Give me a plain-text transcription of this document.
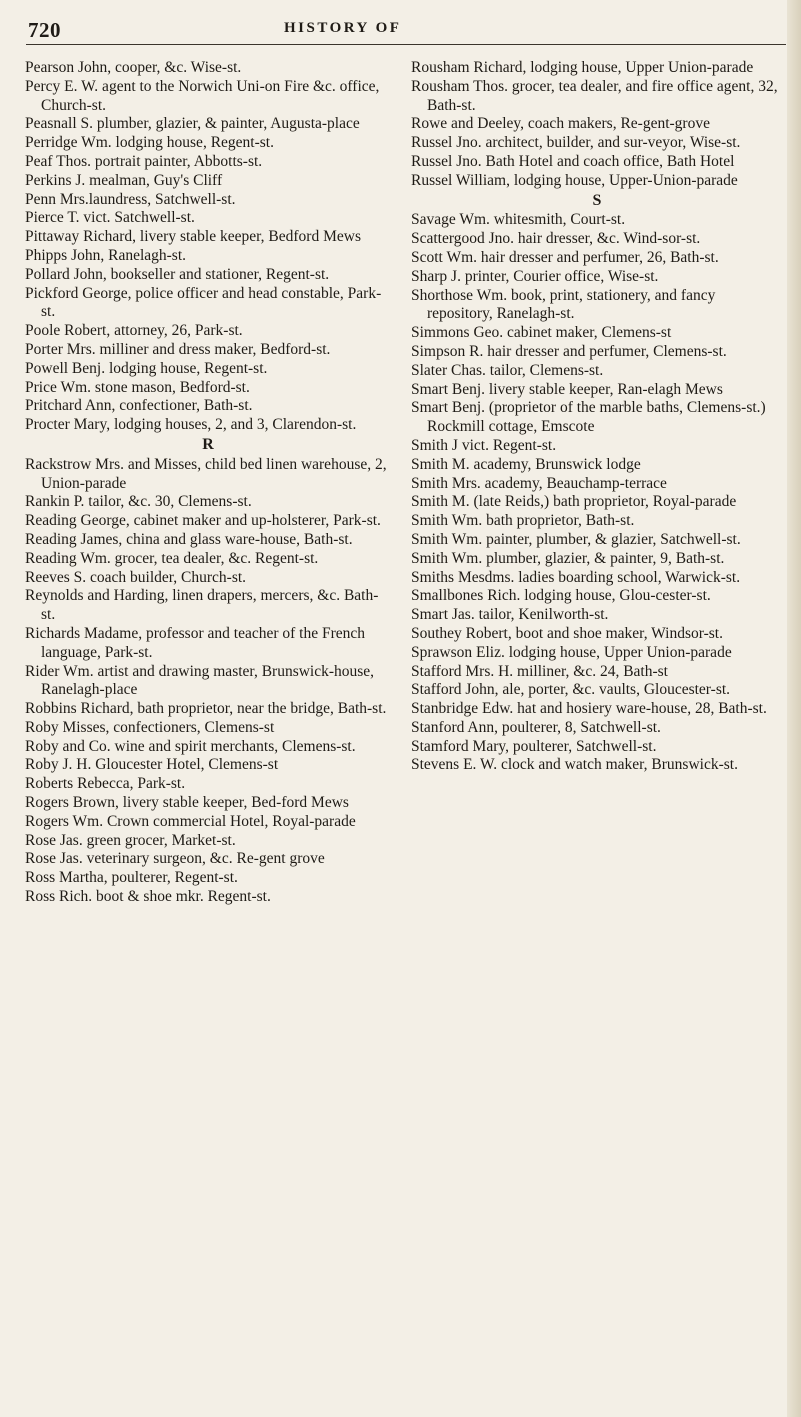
720	HISTORY OF

Pearson John, cooper, &c. Wise-st.

Percy E. W. agent to the Norwich Uni-on Fire &c. office, Church-st.

Peasnall S. plumber, glazier, & painter, Augusta-place

Perridge Wm. lodging house, Regent-st.

Peaf Thos. portrait painter, Abbotts-st.

Perkins J. mealman, Guy's Cliff

Penn Mrs.laundress, Satchwell-st.

Pierce T. vict. Satchwell-st.

Pittaway Richard, livery stable keeper, Bedford Mews

Phipps John, Ranelagh-st.

Pollard John, bookseller and stationer, Regent-st.

Pickford George, police officer and head constable, Park-st.

Poole Robert, attorney, 26, Park-st.

Porter Mrs. milliner and dress maker, Bedford-st.

Powell Benj. lodging house, Regent-st.

Price Wm. stone mason, Bedford-st.

Pritchard Ann, confectioner, Bath-st.

Procter Mary, lodging houses, 2, and 3, Clarendon-st.

R

Rackstrow Mrs. and Misses, child bed linen warehouse, 2, Union-parade

Rankin P. tailor, &c. 30, Clemens-st.

Reading George, cabinet maker and up-holsterer, Park-st.

Reading James, china and glass ware-house, Bath-st.

Reading Wm. grocer, tea dealer, &c. Regent-st.

Reeves S. coach builder, Church-st.

Reynolds and Harding, linen drapers, mercers, &c. Bath-st.

Richards Madame, professor and teacher of the French language, Park-st.

Rider Wm. artist and drawing master, Brunswick-house, Ranelagh-place

Robbins Richard, bath proprietor, near the bridge, Bath-st.

Roby Misses, confectioners, Clemens-st

Roby and Co. wine and spirit merchants, Clemens-st.

Roby J. H. Gloucester Hotel, Clemens-st

Roberts Rebecca, Park-st.

Rogers Brown, livery stable keeper, Bed-ford Mews

Rogers Wm. Crown commercial Hotel, Royal-parade

Rose Jas. green grocer, Market-st.

Rose Jas. veterinary surgeon, &c. Re-gent grove

Ross Martha, poulterer, Regent-st.

Ross Rich. boot & shoe mkr. Regent-st.

Rousham Richard, lodging house, Upper Union-parade

Rousham Thos. grocer, tea dealer, and fire office agent, 32, Bath-st.

Rowe and Deeley, coach makers, Re-gent-grove

Russel Jno. architect, builder, and sur-veyor, Wise-st.

Russel Jno. Bath Hotel and coach office, Bath Hotel

Russel William, lodging house, Upper-Union-parade

S

Savage Wm. whitesmith, Court-st.

Scattergood Jno. hair dresser, &c. Wind-sor-st.

Scott Wm. hair dresser and perfumer, 26, Bath-st.

Sharp J. printer, Courier office, Wise-st.

Shorthose Wm. book, print, stationery, and fancy repository, Ranelagh-st.

Simmons Geo. cabinet maker, Clemens-st

Simpson R. hair dresser and perfumer, Clemens-st.

Slater Chas. tailor, Clemens-st.

Smart Benj. livery stable keeper, Ran-elagh Mews

Smart Benj. (proprietor of the marble baths, Clemens-st.) Rockmill cottage, Emscote

Smith J vict. Regent-st.

Smith M. academy, Brunswick lodge

Smith Mrs. academy, Beauchamp-terrace

Smith M. (late Reids,) bath proprietor, Royal-parade

Smith Wm. bath proprietor, Bath-st.

Smith Wm. painter, plumber, & glazier, Satchwell-st.

Smith Wm. plumber, glazier, & painter, 9, Bath-st.

Smiths Mesdms. ladies boarding school, Warwick-st.

Smallbones Rich. lodging house, Glou-cester-st.

Smart Jas. tailor, Kenilworth-st.

Southey Robert, boot and shoe maker, Windsor-st.

Sprawson Eliz. lodging house, Upper Union-parade

Stafford Mrs. H. milliner, &c. 24, Bath-st

Stafford John, ale, porter, &c. vaults, Gloucester-st.

Stanbridge Edw. hat and hosiery ware-house, 28, Bath-st.

Stanford Ann, poulterer, 8, Satchwell-st.

Stamford Mary, poulterer, Satchwell-st.

Stevens E. W. clock and watch maker, Brunswick-st.
